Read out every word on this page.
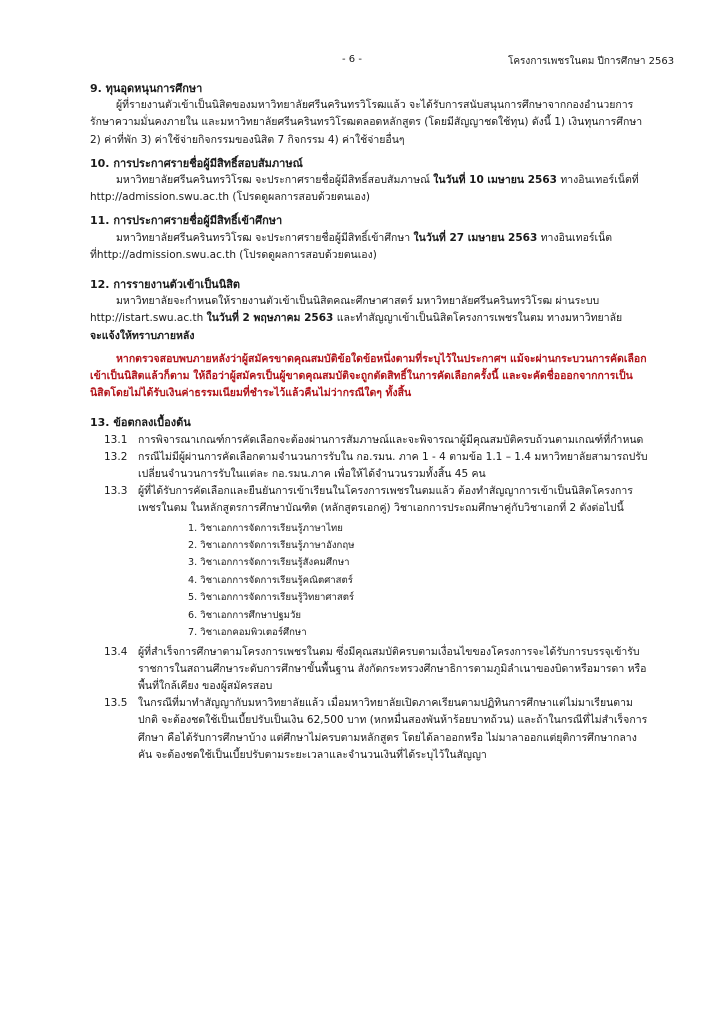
- 6 -	โครงการเพชรในตม ปีการศึกษา 2563

9. ทุนอุดหนุนการศึกษา

ผู้ที่รายงานตัวเข้าเป็นนิสิตของมหาวิทยาลัยศรีนครินทรวิโรฒแล้ว จะได้รับการสนับสนุนการศึกษาจากกองอำนวยการรักษาความมั่นคงภายใน และมหาวิทยาลัยศรีนครินทรวิโรฒตลอดหลักสูตร (โดยมีสัญญาชดใช้ทุน) ดังนี้ 1) เงินทุนการศึกษา 2) ค่าที่พัก 3) ค่าใช้จ่ายกิจกรรมของนิสิต 7 กิจกรรม 4) ค่าใช้จ่ายอื่นๆ

10. การประกาศรายชื่อผู้มีสิทธิ์สอบสัมภาษณ์

มหาวิทยาลัยศรีนครินทรวิโรฒ จะประกาศรายชื่อผู้มีสิทธิ์สอบสัมภาษณ์ ในวันที่ 10 เมษายน 2563 ทางอินเทอร์เน็ตที่ http://admission.swu.ac.th (โปรดดูผลการสอบด้วยตนเอง)

11. การประกาศรายชื่อผู้มีสิทธิ์เข้าศึกษา

มหาวิทยาลัยศรีนครินทรวิโรฒ จะประกาศรายชื่อผู้มีสิทธิ์เข้าศึกษา ในวันที่ 27 เมษายน 2563 ทางอินเทอร์เน็ตที่http://admission.swu.ac.th (โปรดดูผลการสอบด้วยตนเอง)

12. การรายงานตัวเข้าเป็นนิสิต

มหาวิทยาลัยจะกำหนดให้รายงานตัวเข้าเป็นนิสิตคณะศึกษาศาสตร์ มหาวิทยาลัยศรีนครินทรวิโรฒ ผ่านระบบ http://istart.swu.ac.th ในวันที่ 2 พฤษภาคม 2563 และทำสัญญาเข้าเป็นนิสิตโครงการเพชรในตม ทางมหาวิทยาลัย จะแจ้งให้ทราบภายหลัง

หากตรวจสอบพบภายหลังว่าผู้สมัครขาดคุณสมบัติข้อใดข้อหนึ่งตามที่ระบุไว้ในประกาศฯ แม้จะผ่านกระบวนการคัดเลือกเข้าเป็นนิสิตแล้วก็ตาม ให้ถือว่าผู้สมัครเป็นผู้ขาดคุณสมบัติจะถูกตัดสิทธิ์ในการคัดเลือกครั้งนี้ และจะคัดชื่อออกจากการเป็นนิสิตโดยไม่ได้รับเงินค่าธรรมเนียมที่ชำระไว้แล้วคืนไม่ว่ากรณีใดๆ ทั้งสิ้น

13. ข้อตกลงเบื้องต้น

13.1	การพิจารณาเกณฑ์การคัดเลือกจะต้องผ่านการสัมภาษณ์และจะพิจารณาผู้มีคุณสมบัติครบถ้วนตามเกณฑ์ที่กำหนด
13.2	กรณีไม่มีผู้ผ่านการคัดเลือกตามจำนวนการรับใน กอ.รมน. ภาค 1 - 4 ตามข้อ 1.1 – 1.4 มหาวิทยาลัยสามารถปรับเปลี่ยนจำนวนการรับในแต่ละ กอ.รมน.ภาค เพื่อให้ได้จำนวนรวมทั้งสิ้น 45 คน
13.3	ผู้ที่ได้รับการคัดเลือกและยืนยันการเข้าเรียนในโครงการเพชรในตมแล้ว ต้องทำสัญญาการเข้าเป็นนิสิตโครงการเพชรในตม ในหลักสูตรการศึกษาบัณฑิต (หลักสูตรเอกคู่) วิชาเอกการประถมศึกษาคู่กับวิชาเอกที่ 2 ดังต่อไปนี้
1. วิชาเอกการจัดการเรียนรู้ภาษาไทย
2. วิชาเอกการจัดการเรียนรู้ภาษาอังกฤษ
3. วิชาเอกการจัดการเรียนรู้สังคมศึกษา
4. วิชาเอกการจัดการเรียนรู้คณิตศาสตร์
5. วิชาเอกการจัดการเรียนรู้วิทยาศาสตร์
6. วิชาเอกการศึกษาปฐมวัย
7. วิชาเอกคอมพิวเตอร์ศึกษา
13.4	ผู้ที่สำเร็จการศึกษาตามโครงการเพชรในตม ซึ่งมีคุณสมบัติครบตามเงื่อนไขของโครงการจะได้รับการบรรจุเข้ารับราชการในสถานศึกษาระดับการศึกษาขั้นพื้นฐาน สังกัดกระทรวงศึกษาธิการตามภูมิลำเนาของบิดาหรือมารดา หรือพื้นที่ใกล้เคียง ของผู้สมัครสอบ
13.5	ในกรณีที่มาทำสัญญากับมหาวิทยาลัยแล้ว เมื่อมหาวิทยาลัยเปิดภาคเรียนตามปฏิทินการศึกษาแต่ไม่มาเรียนตามปกติ จะต้องชดใช้เป็นเบี้ยปรับเป็นเงิน 62,500 บาท (หกหมื่นสองพันห้าร้อยบาทถ้วน) และถ้าในกรณีที่ไม่สำเร็จการศึกษา คือได้รับการศึกษาบ้าง แต่ศึกษาไม่ครบตามหลักสูตร โดยได้ลาออกหรือ ไม่มาลาออกแต่ยุติการศึกษากลางคัน จะต้องชดใช้เป็นเบี้ยปรับตามระยะเวลาและจำนวนเงินที่ได้ระบุไว้ในสัญญา
